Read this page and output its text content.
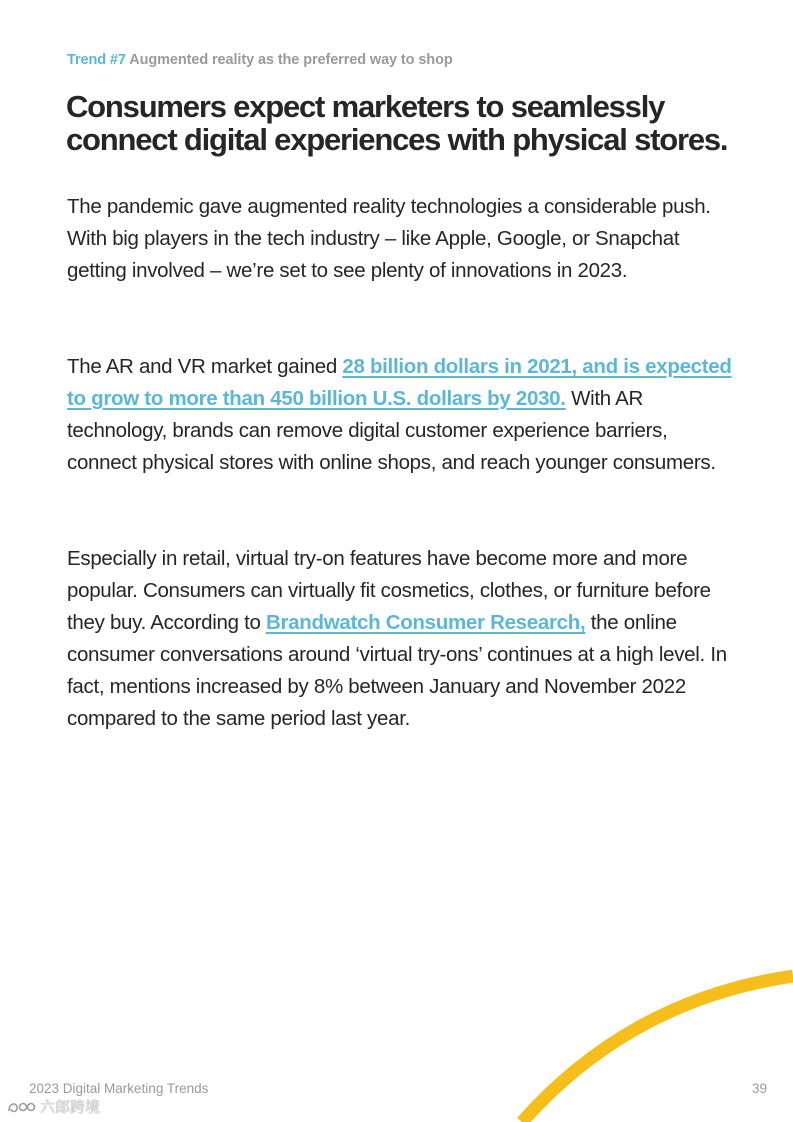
Trend #7 Augmented reality as the preferred way to shop
Consumers expect marketers to seamlessly connect digital experiences with physical stores.

The pandemic gave augmented reality technologies a considerable push. With big players in the tech industry – like Apple, Google, or Snapchat getting involved – we’re set to see plenty of innovations in 2023.

The AR and VR market gained 28 billion dollars in 2021, and is expected to grow to more than 450 billion U.S. dollars by 2030. With AR technology, brands can remove digital customer experience barriers, connect physical stores with online shops, and reach younger consumers.

Especially in retail, virtual try-on features have become more and more popular. Consumers can virtually fit cosmetics, clothes, or furniture before they buy. According to Brandwatch Consumer Research, the online consumer conversations around ‘virtual try-ons’ continues at a high level. In fact, mentions increased by 8% between January and November 2022 compared to the same period last year.

2023 Digital Marketing Trends	39
六郎跨境
